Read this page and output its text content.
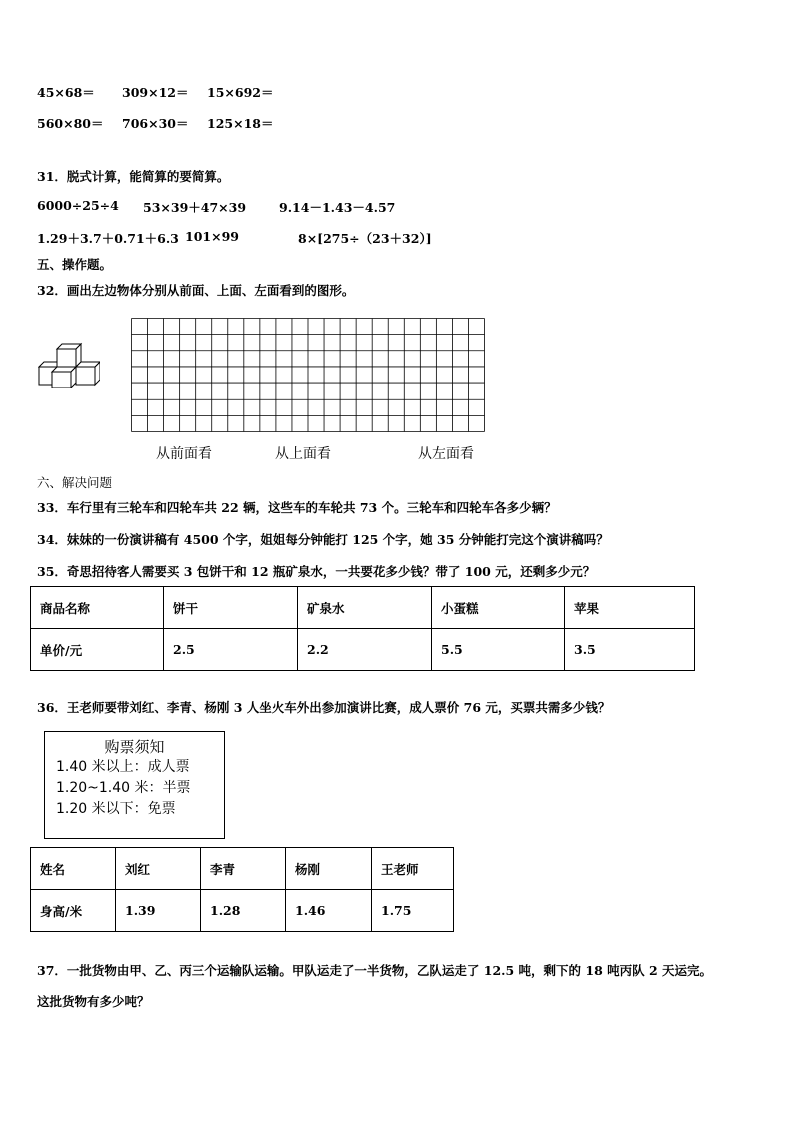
45×68＝ 309×12＝ 15×692＝
560×80＝ 706×30＝ 125×18＝
31．脱式计算，能简算的要简算。
6000÷25÷4 53×39＋47×39	9.14－1.43－4.57
1.29＋3.7＋0.71＋6.3 101×99	8×[275÷（23＋32）]
五、操作题。
32．画出左边物体分别从前面、上面、左面看到的图形。
从前面看	从上面看	从左面看
六、解决问题
33．车行里有三轮车和四轮车共 22 辆，这些车的车轮共 73 个。三轮车和四轮车各多少辆？
34．妹妹的一份演讲稿有 4500 个字，姐姐每分钟能打 125 个字，她 35 分钟能打完这个演讲稿吗？
35．奇思招待客人需要买 3 包饼干和 12 瓶矿泉水，一共要花多少钱？带了 100 元，还剩多少元？
商品名称	饼干	矿泉水	小蛋糕	苹果
单价/元	2.5	2.2	5.5	3.5
36．王老师要带刘红、李青、杨刚 3 人坐火车外出参加演讲比赛，成人票价 76 元，买票共需多少钱？
购票须知
1.40 米以上：成人票
1.20~1.40 米：半票
1.20 米以下：免票
姓名	刘红	李青	杨刚	王老师
身高/米	1.39	1.28	1.46	1.75
37．一批货物由甲、乙、丙三个运输队运输。甲队运走了一半货物，乙队运走了 12.5 吨，剩下的 18 吨丙队 2 天运完。
这批货物有多少吨？
